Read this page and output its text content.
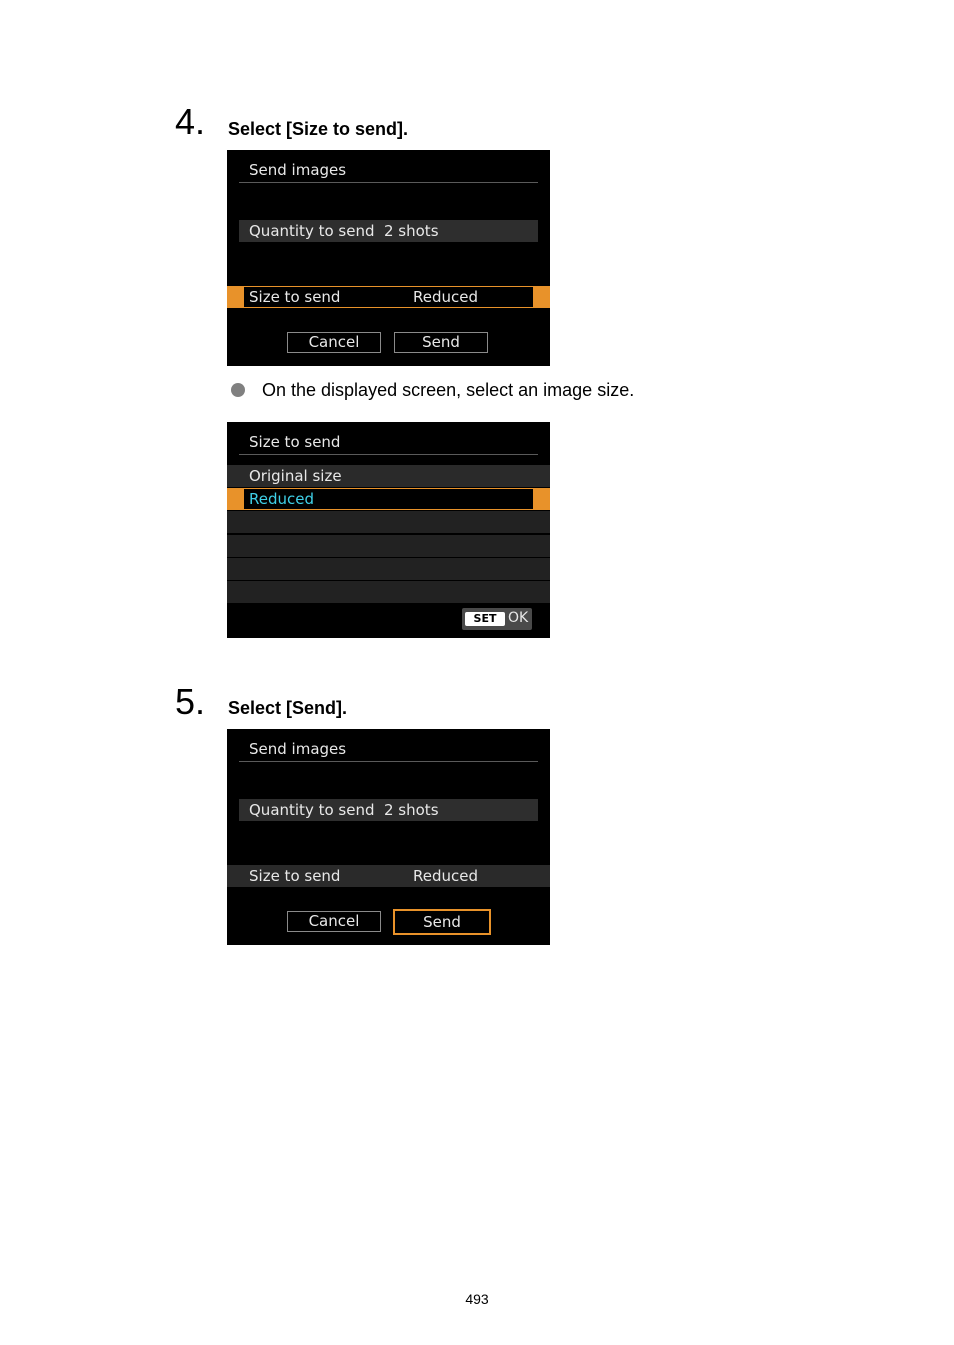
4. Select [Size to send].
Send images
Quantity to send 2 shots
Size to send	Reduced
Cancel	Send
On the displayed screen, select an image size.
Size to send
Original size
Reduced
SET OK
5. Select [Send].
Send images
Quantity to send 2 shots
Size to send	Reduced
Cancel	Send
493
